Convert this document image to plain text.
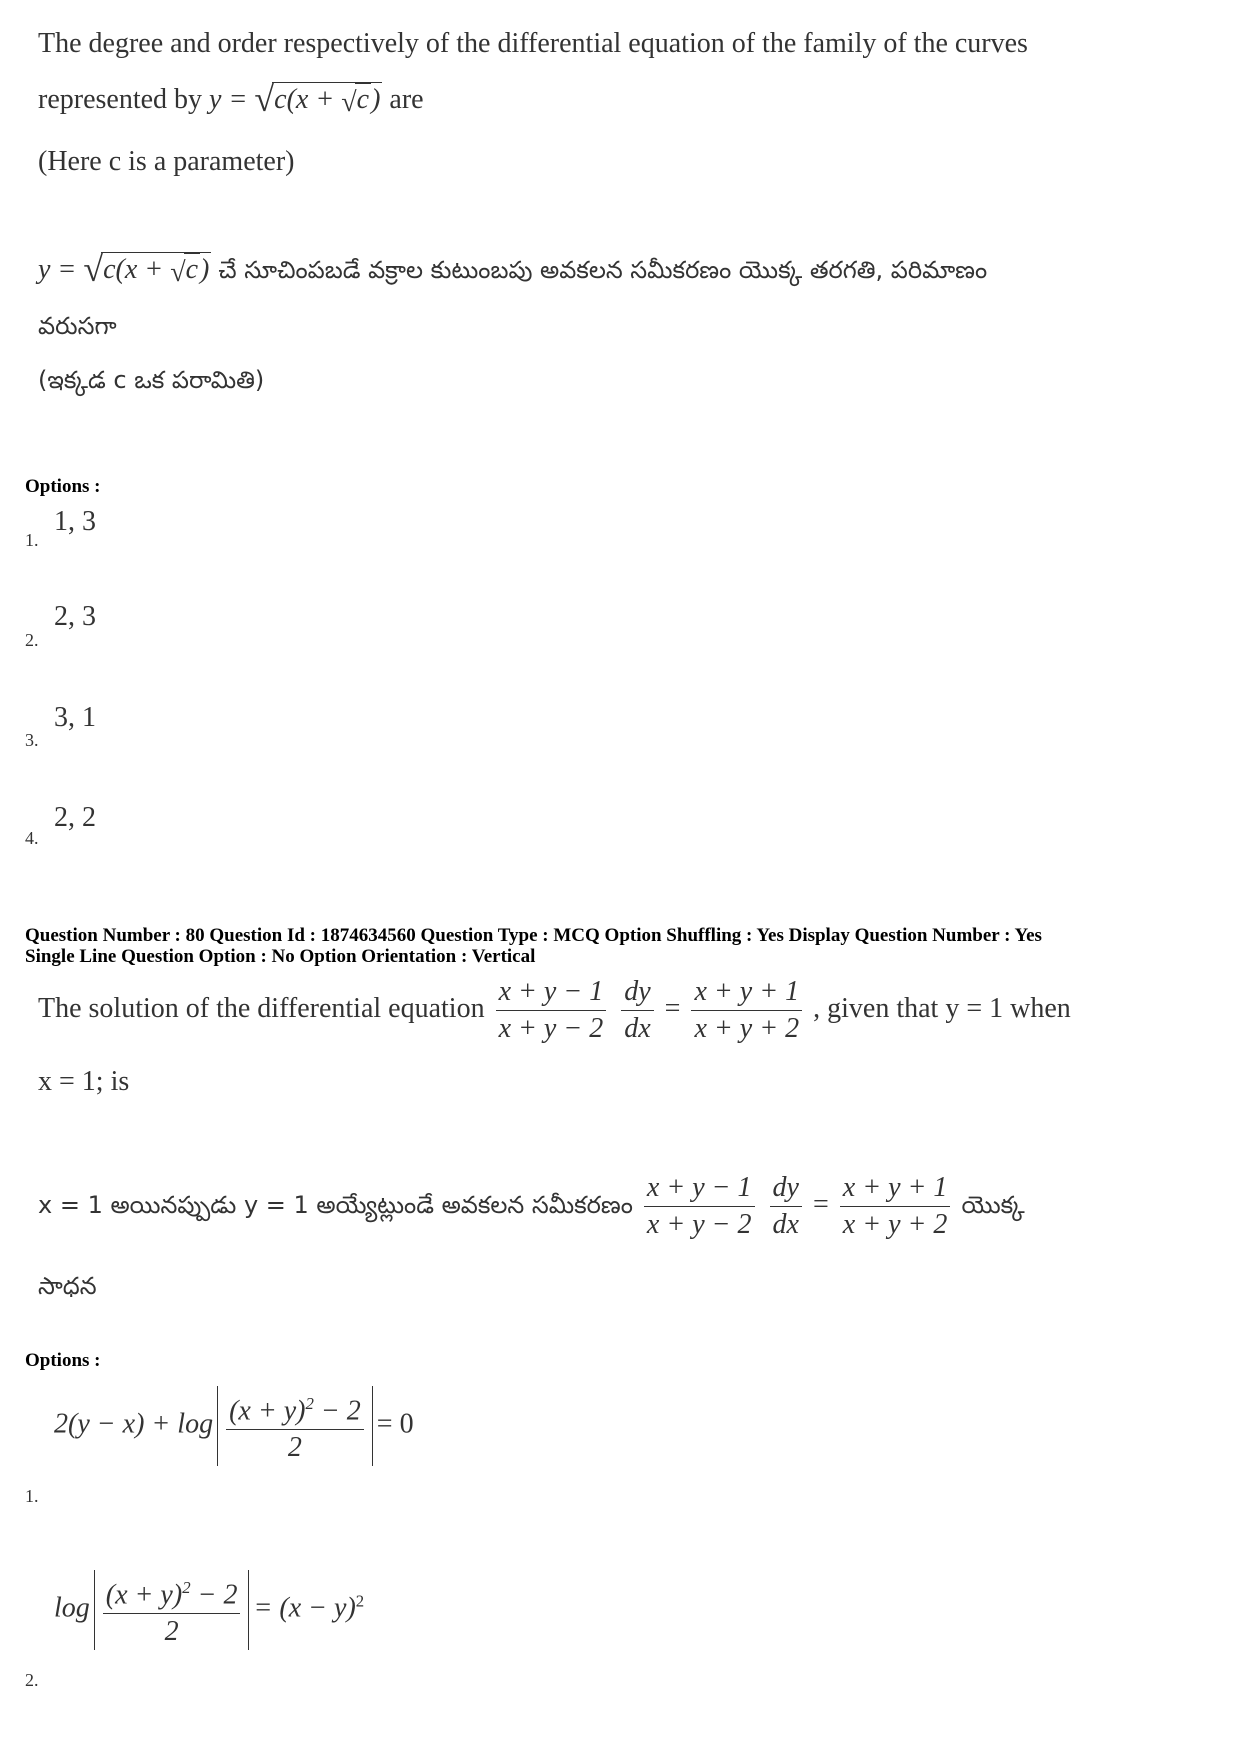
The degree and order respectively of the differential equation of the family of the curves
represented by y = √c(x + √c) are
(Here c is a parameter)
y = √c(x + √c) చే సూచింపబడే వక్రాల కుటుంబపు అవకలన సమీకరణం యొక్క తరగతి, పరిమాణం
వరుసగా
(ఇక్కడ c ఒక పరామితి)
Options :
1, 3
1.
2, 3
2.
3, 1
3.
2, 2
4.
Question Number : 80 Question Id : 1874634560 Question Type : MCQ Option Shuffling : Yes Display Question Number : Yes
Single Line Question Option : No Option Orientation : Vertical
The solution of the differential equation $\frac{x + y - 1}{x + y - 2}$
$\frac{dy}{dx} = \frac{x + y + 1}{x + y + 2}$ , given that y = 1 when
x = 1; is
x = 1 అయినప్పుడు y = 1 అయ్యేట్లుండే అవకలన సమీకరణం $\frac{x + y - 1}{x + y - 2}$
$\frac{dy}{dx} = \frac{x + y + 1}{x + y + 2}$ యొక్క
సాధన
Options :
$2(y - x) + \log \frac{(x + y)^2 - 2}{2} = 0$
1.
$\log \frac{(x + y)^2 - 2}{2} = (x - y)^2$
2.
